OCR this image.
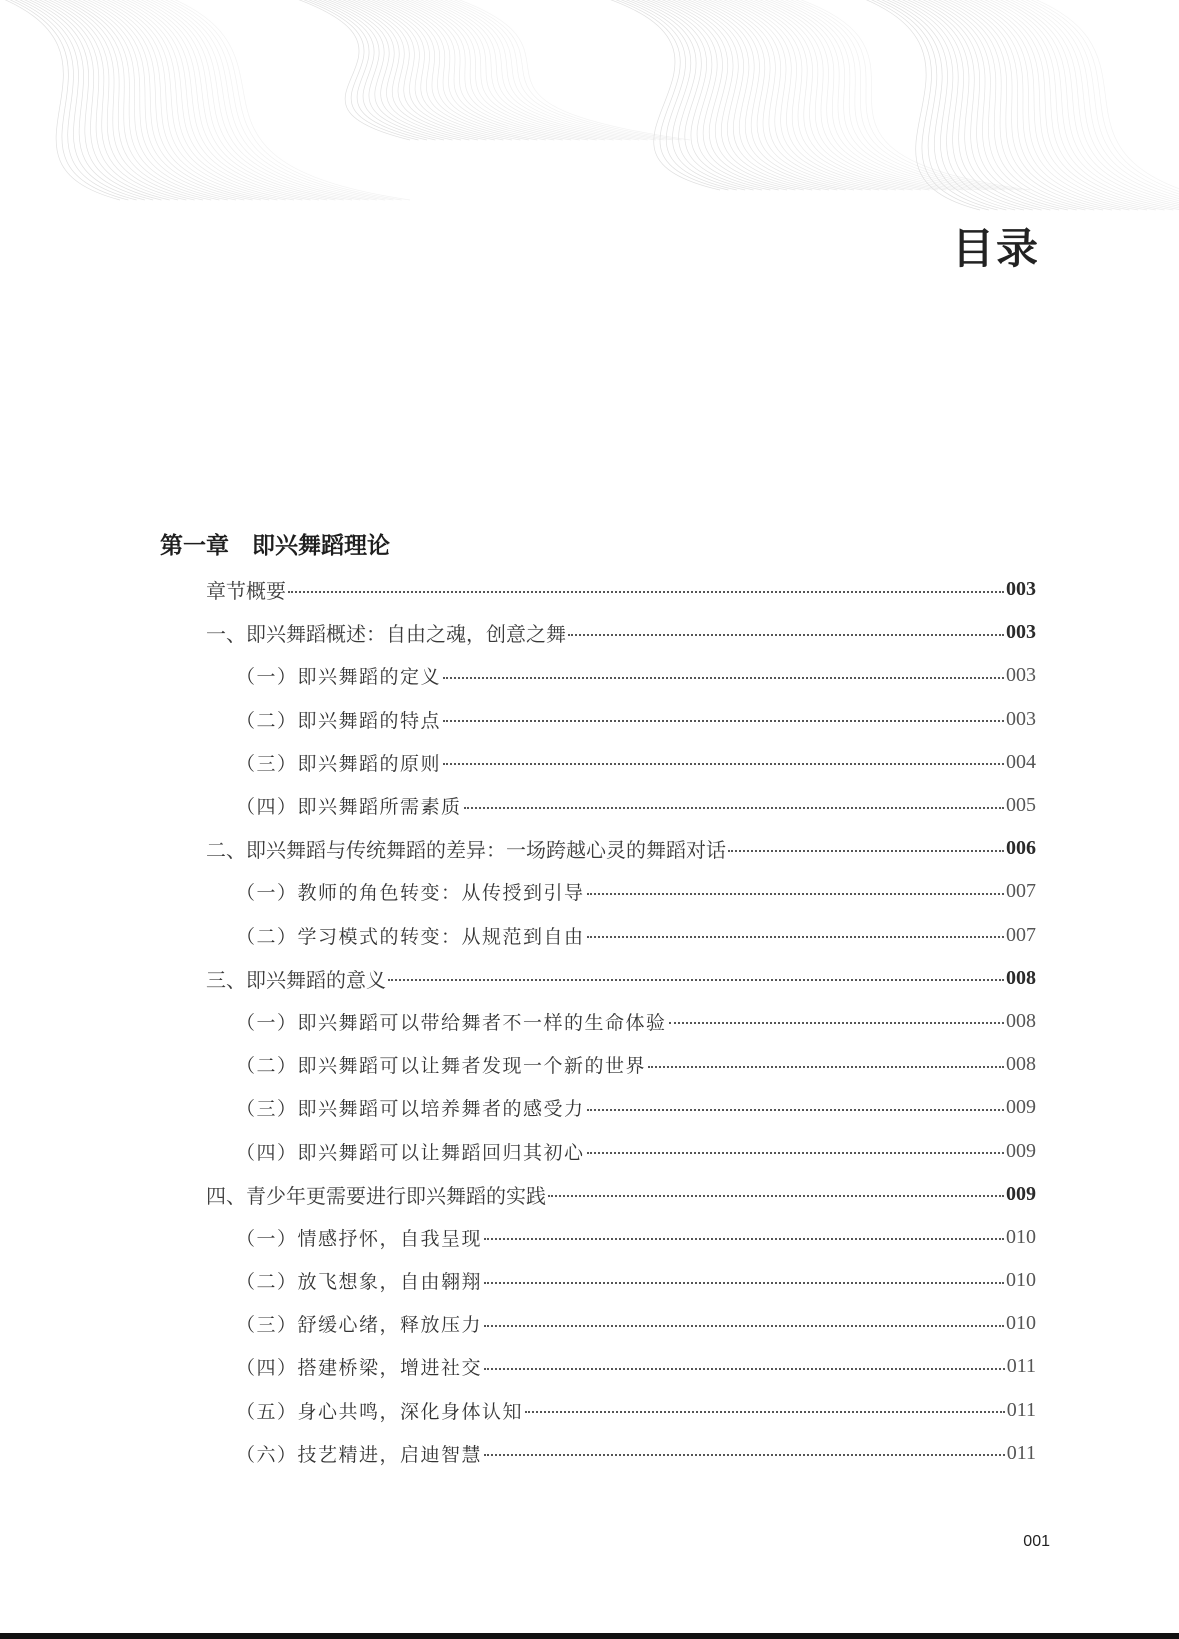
目录
第一章　即兴舞蹈理论
章节概要	003
一、即兴舞蹈概述：自由之魂，创意之舞	003
（一）即兴舞蹈的定义	003
（二）即兴舞蹈的特点	003
（三）即兴舞蹈的原则	004
（四）即兴舞蹈所需素质	005
二、即兴舞蹈与传统舞蹈的差异：一场跨越心灵的舞蹈对话	006
（一）教师的角色转变：从传授到引导	007
（二）学习模式的转变：从规范到自由	007
三、即兴舞蹈的意义	008
（一）即兴舞蹈可以带给舞者不一样的生命体验	008
（二）即兴舞蹈可以让舞者发现一个新的世界	008
（三）即兴舞蹈可以培养舞者的感受力	009
（四）即兴舞蹈可以让舞蹈回归其初心	009
四、青少年更需要进行即兴舞蹈的实践	009
（一）情感抒怀，自我呈现	010
（二）放飞想象，自由翱翔	010
（三）舒缓心绪，释放压力	010
（四）搭建桥梁，增进社交	011
（五）身心共鸣，深化身体认知	011
（六）技艺精进，启迪智慧	011
001
